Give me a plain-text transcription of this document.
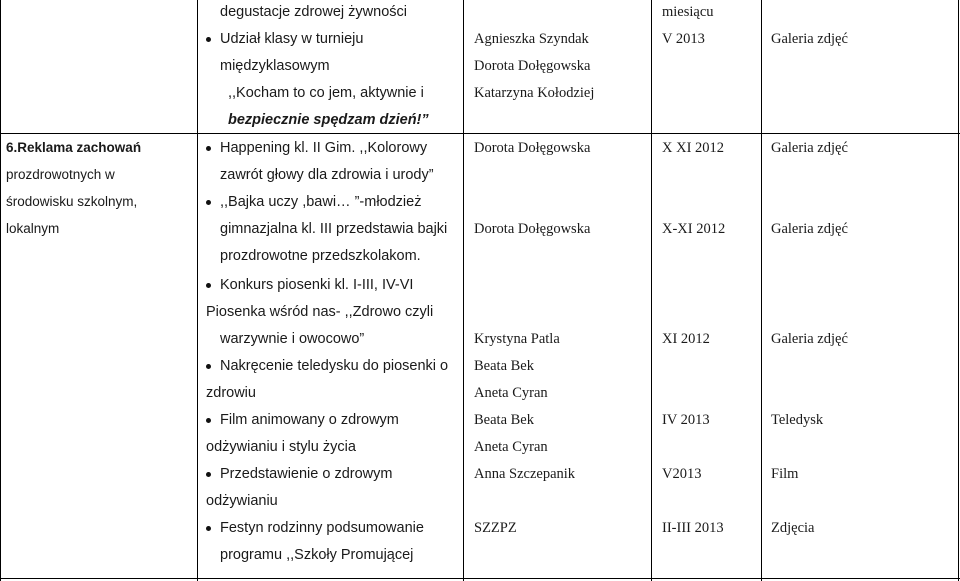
6.Reklama zachowań
prozdrowotnych w
środowisku szkolnym,
lokalnym
degustacje zdrowej żywności
Udział klasy w turnieju
międzyklasowym
,,Kocham to co jem, aktywnie i
bezpiecznie spędzam dzień!”
Happening kl. II Gim. ,,Kolorowy
zawrót głowy dla zdrowia i urody”
,,Bajka uczy ,bawi… ”-młodzież
gimnazjalna kl. III przedstawia bajki
prozdrowotne przedszkolakom.
Konkurs piosenki kl. I-III, IV-VI
Piosenka wśród nas- ,,Zdrowo czyli
warzywnie i owocowo”
Nakręcenie teledysku do piosenki o
zdrowiu
Film animowany o zdrowym
odżywianiu i stylu życia
Przedstawienie o zdrowym
odżywianiu
Festyn rodzinny podsumowanie
programu ,,Szkoły Promującej
Agnieszka Szyndak
Dorota Dołęgowska
Katarzyna Kołodziej
Dorota Dołęgowska
Dorota Dołęgowska
Krystyna Patla
Beata Bek
Aneta Cyran
Beata Bek
Aneta Cyran
Anna Szczepanik
SZZPZ
miesiącu
V 2013
X XI 2012
X-XI 2012
XI 2012
IV 2013
V2013
II-III 2013
Galeria zdjęć
Galeria zdjęć
Galeria zdjęć
Galeria zdjęć
Teledysk
Film
Zdjęcia
